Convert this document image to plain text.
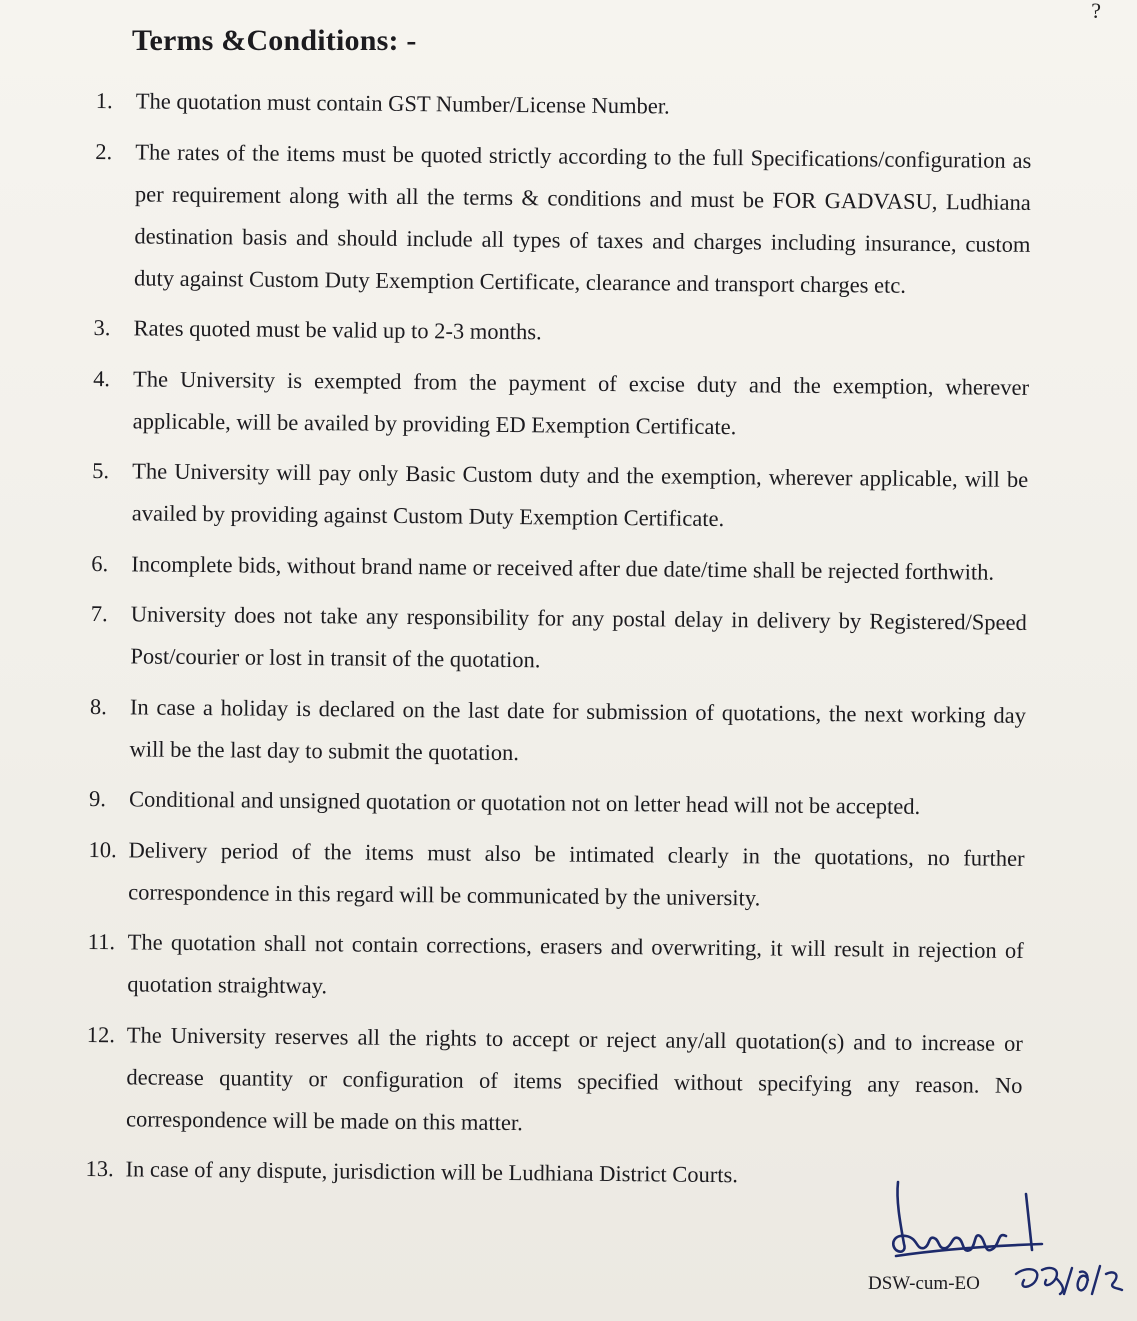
?
Terms &Conditions: -
1. The quotation must contain GST Number/License Number.
2. The rates of the items must be quoted strictly according to the full Specifications/configuration as per requirement along with all the terms & conditions and must be FOR GADVASU, Ludhiana destination basis and should include all types of taxes and charges including insurance, custom duty against Custom Duty Exemption Certificate, clearance and transport charges etc.
3. Rates quoted must be valid up to 2-3 months.
4. The University is exempted from the payment of excise duty and the exemption, wherever applicable, will be availed by providing ED Exemption Certificate.
5. The University will pay only Basic Custom duty and the exemption, wherever applicable, will be availed by providing against Custom Duty Exemption Certificate.
6. Incomplete bids, without brand name or received after due date/time shall be rejected forthwith.
7. University does not take any responsibility for any postal delay in delivery by Registered/Speed Post/courier or lost in transit of the quotation.
8. In case a holiday is declared on the last date for submission of quotations, the next working day will be the last day to submit the quotation.
9. Conditional and unsigned quotation or quotation not on letter head will not be accepted.
10. Delivery period of the items must also be intimated clearly in the quotations, no further correspondence in this regard will be communicated by the university.
11. The quotation shall not contain corrections, erasers and overwriting, it will result in rejection of quotation straightway.
12. The University reserves all the rights to accept or reject any/all quotation(s) and to increase or decrease quantity or configuration of items specified without specifying any reason. No correspondence will be made on this matter.
13. In case of any dispute, jurisdiction will be Ludhiana District Courts.
DSW-cum-EO
